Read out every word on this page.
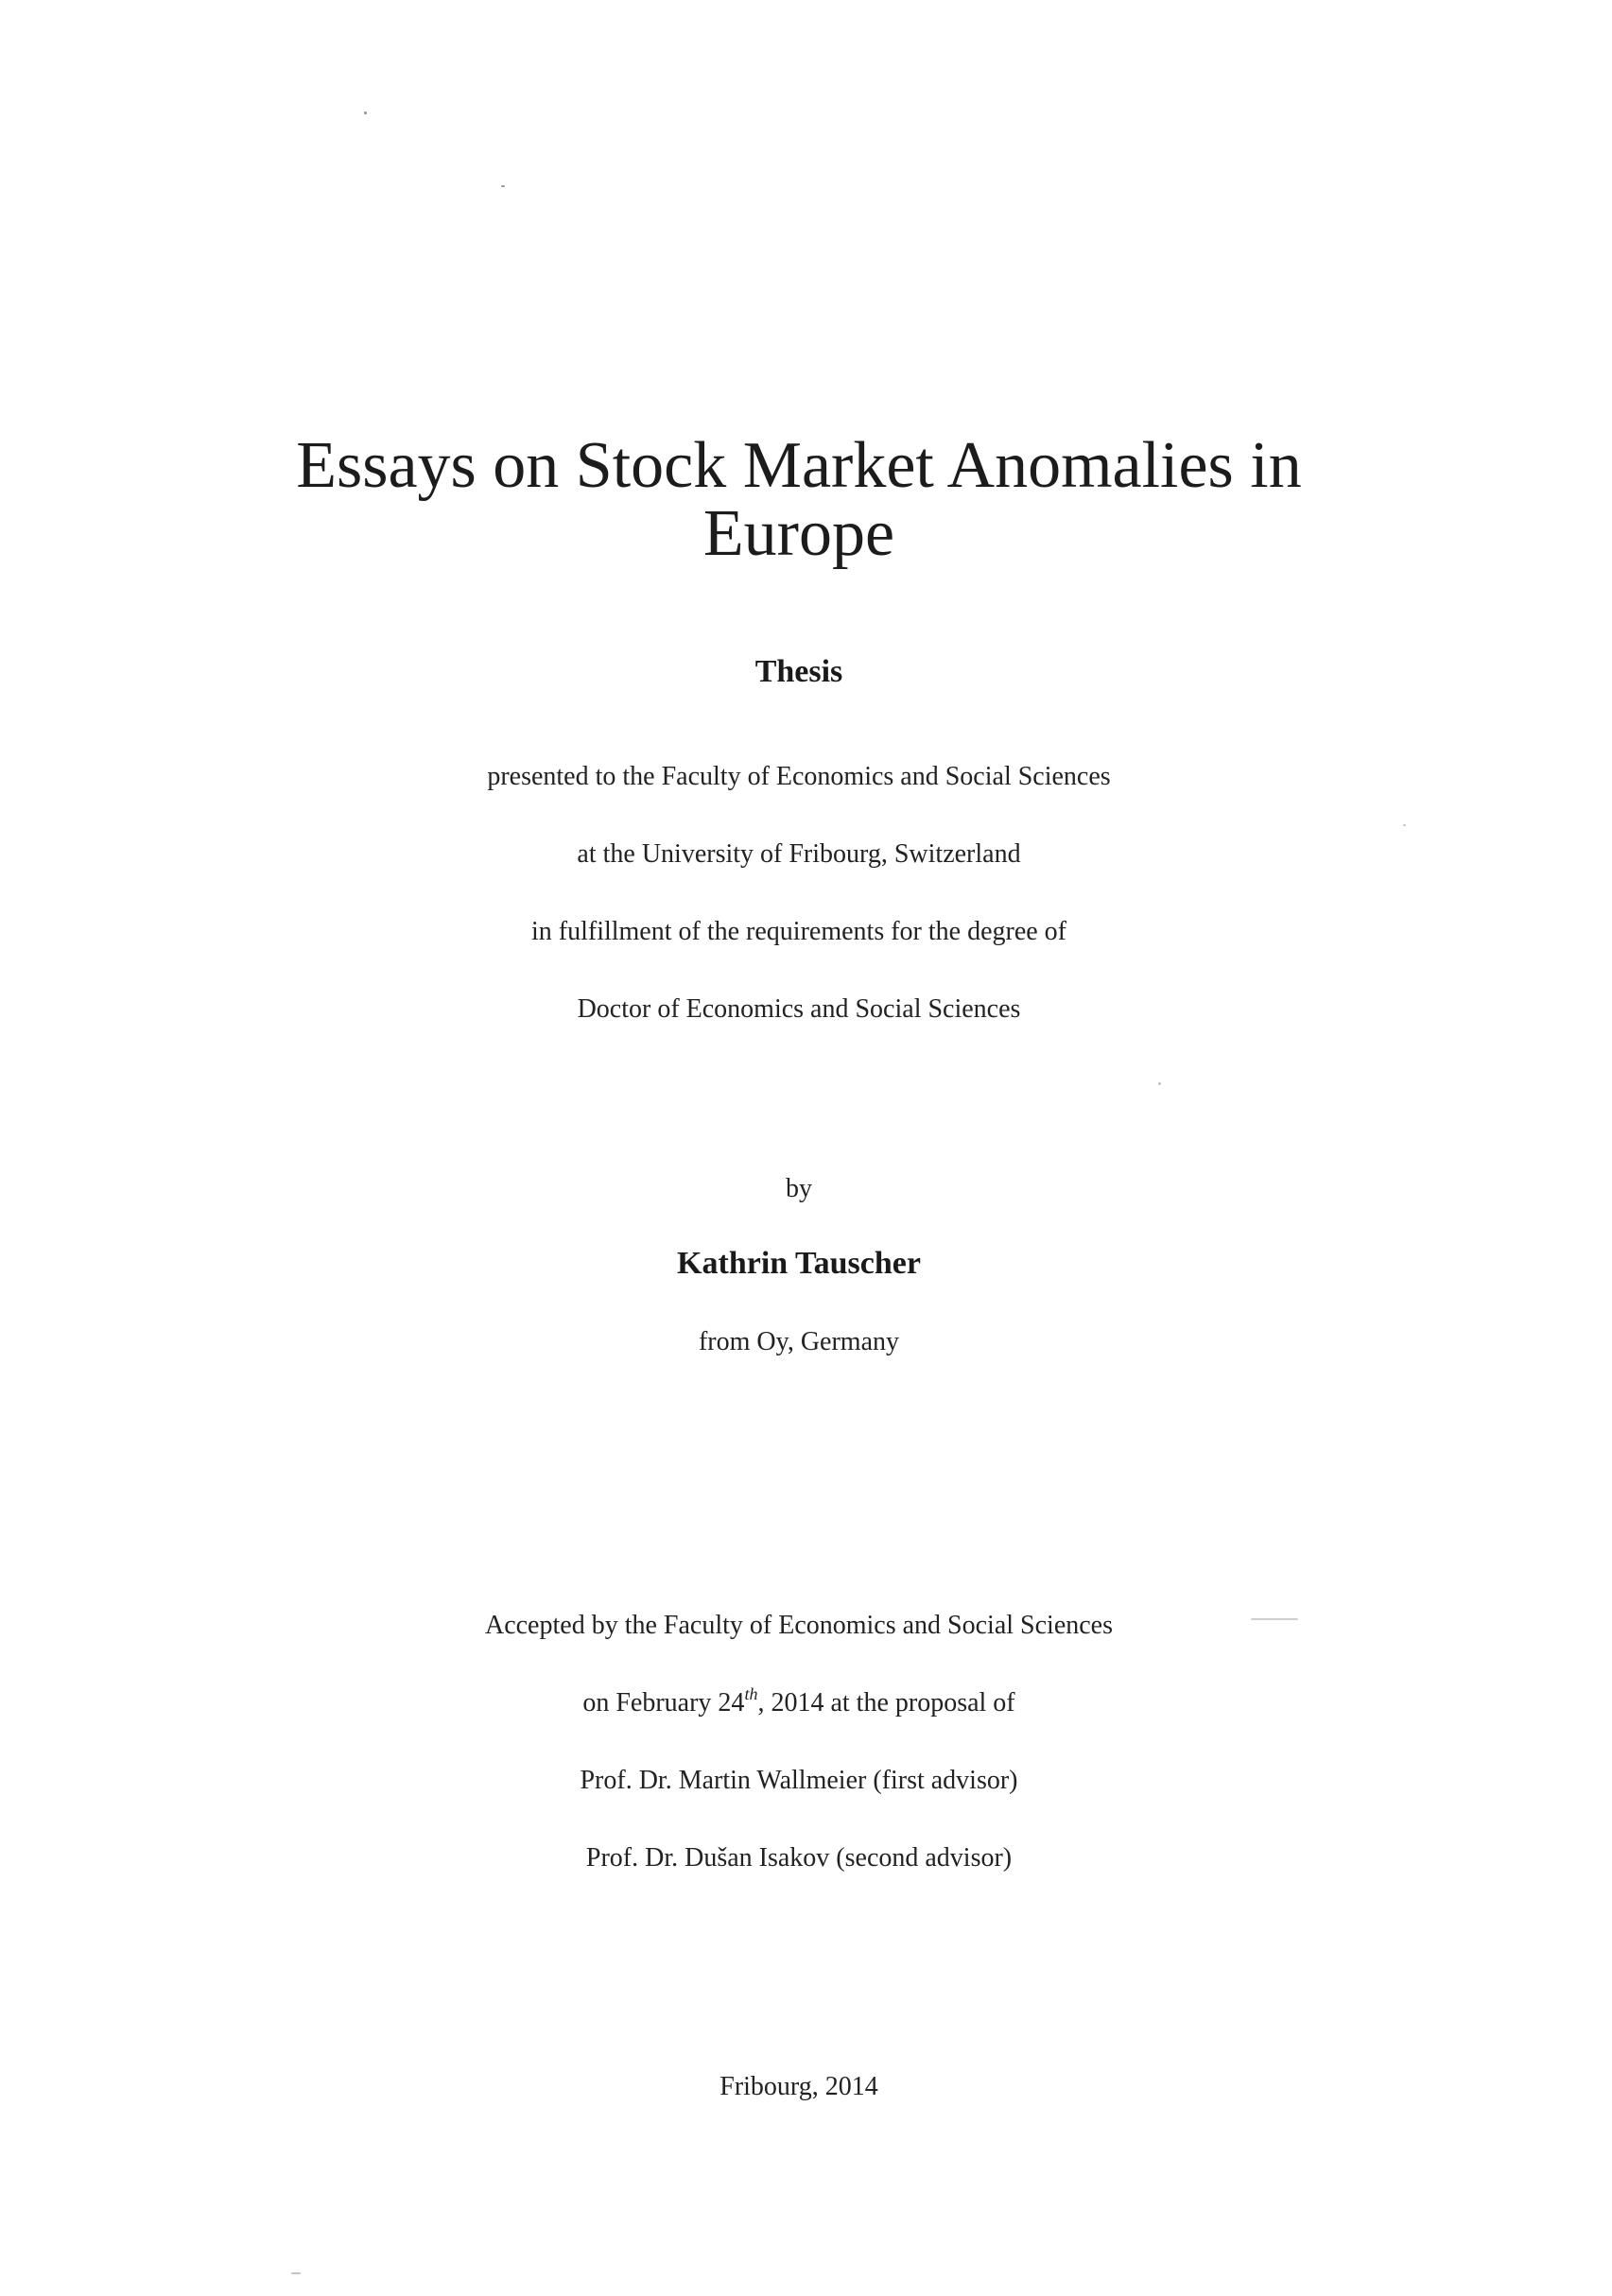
Essays on Stock Market Anomalies in
Europe
Thesis
presented to the Faculty of Economics and Social Sciences
at the University of Fribourg, Switzerland
in fulfillment of the requirements for the degree of
Doctor of Economics and Social Sciences
by
Kathrin Tauscher
from Oy, Germany
Accepted by the Faculty of Economics and Social Sciences
on February 24th, 2014 at the proposal of
Prof. Dr. Martin Wallmeier (first advisor)
Prof. Dr. Dušan Isakov (second advisor)
Fribourg, 2014
